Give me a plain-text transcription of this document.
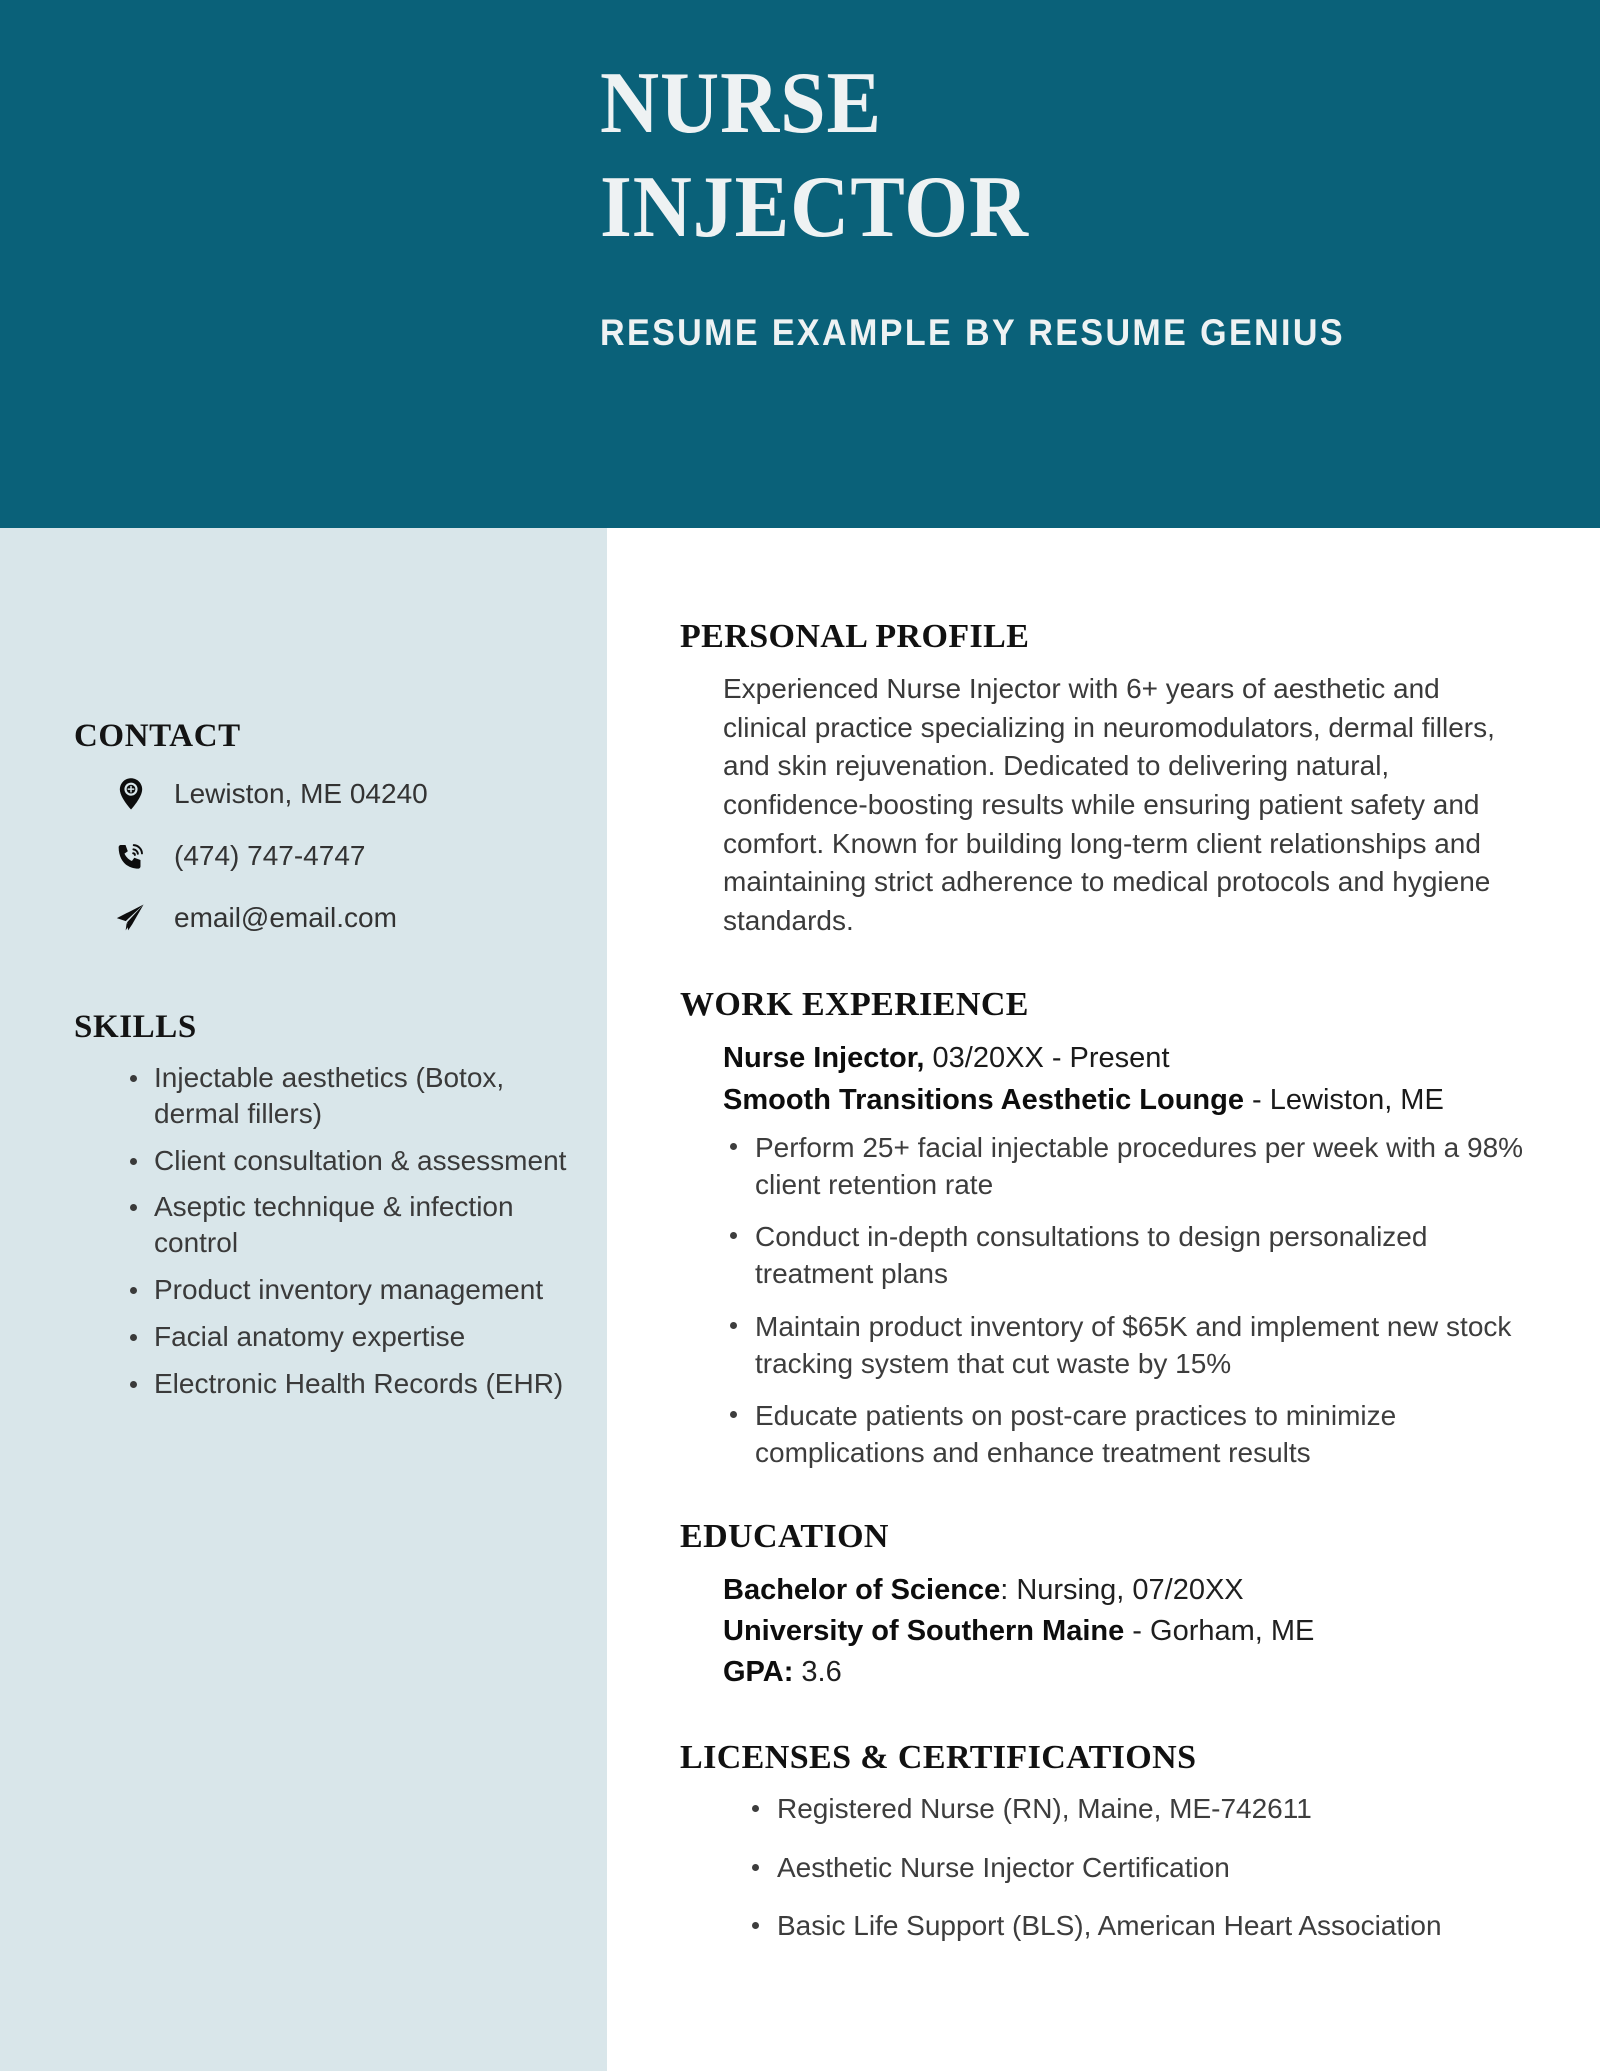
NURSE
INJECTOR
RESUME EXAMPLE BY RESUME GENIUS
CONTACT
Lewiston, ME 04240
(474) 747-4747
email@email.com
SKILLS
Injectable aesthetics (Botox, dermal fillers)
Client consultation & assessment
Aseptic technique & infection control
Product inventory management
Facial anatomy expertise
Electronic Health Records (EHR)
PERSONAL PROFILE

Experienced Nurse Injector with 6+ years of aesthetic and clinical practice specializing in neuromodulators, dermal fillers, and skin rejuvenation. Dedicated to delivering natural, confidence-boosting results while ensuring patient safety and comfort. Known for building long-term client relationships and maintaining strict adherence to medical protocols and hygiene standards.

WORK EXPERIENCE
Nurse Injector, 03/20XX - Present
Smooth Transitions Aesthetic Lounge - Lewiston, ME
Perform 25+ facial injectable procedures per week with a 98% client retention rate
Conduct in-depth consultations to design personalized treatment plans
Maintain product inventory of $65K and implement new stock tracking system that cut waste by 15%
Educate patients on post-care practices to minimize complications and enhance treatment results
EDUCATION
Bachelor of Science: Nursing, 07/20XX
University of Southern Maine - Gorham, ME
GPA: 3.6
LICENSES & CERTIFICATIONS
Registered Nurse (RN), Maine, ME-742611
Aesthetic Nurse Injector Certification
Basic Life Support (BLS), American Heart Association
